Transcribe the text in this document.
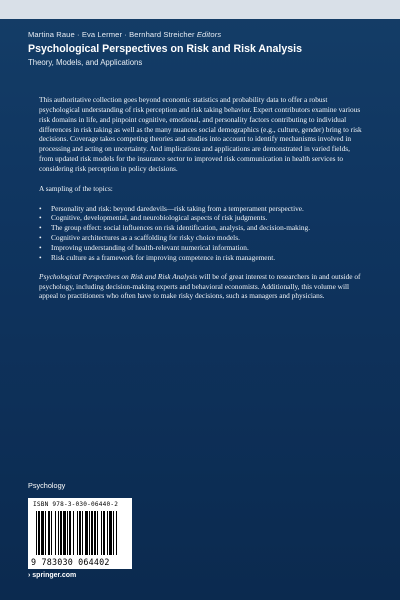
Martina Raue · Eva Lermer · Bernhard Streicher Editors
Psychological Perspectives on Risk and Risk Analysis
Theory, Models, and Applications

This authoritative collection goes beyond economic statistics and probability data to offer a robust psychological understanding of risk perception and risk taking behavior. Expert contributors examine various risk domains in life, and pinpoint cognitive, emotional, and personality factors contributing to individual differences in risk taking as well as the many nuances social demographics (e.g., culture, gender) bring to risk decisions. Coverage takes competing theories and studies into account to identify mechanisms involved in processing and acting on uncertainty. And implications and applications are demonstrated in varied fields, from updated risk models for the insurance sector to improved risk communication in health services to considering risk perception in policy decisions.

A sampling of the topics:

• Personality and risk: beyond daredevils—risk taking from a temperament perspective.
• Cognitive, developmental, and neurobiological aspects of risk judgments.
• The group effect: social influences on risk identification, analysis, and decision-making.
• Cognitive architectures as a scaffolding for risky choice models.
• Improving understanding of health-relevant numerical information.
• Risk culture as a framework for improving competence in risk management.

Psychological Perspectives on Risk and Risk Analysis will be of great interest to researchers in and outside of psychology, including decision-making experts and behavioral economists. Additionally, this volume will appeal to practitioners who often have to make risky decisions, such as managers and physicians.

Psychology
ISBN 978-3-030-06440-2
9 783030 064402
› springer.com
